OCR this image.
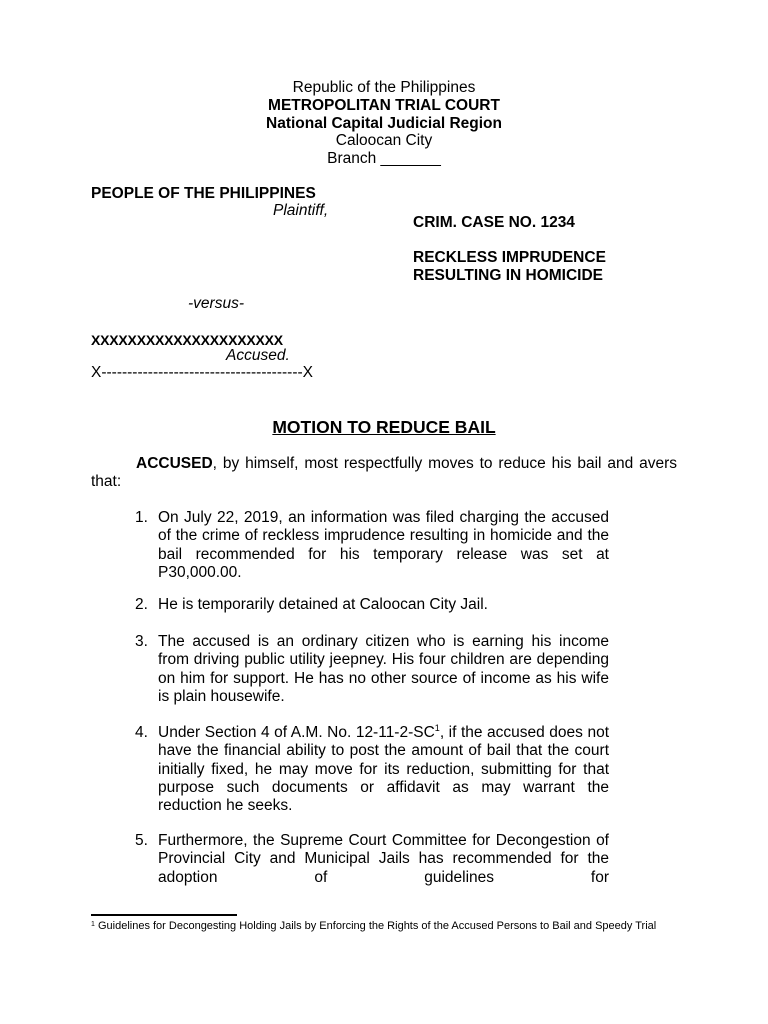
Republic of the Philippines
METROPOLITAN TRIAL COURT
National Capital Judicial Region
Caloocan City
Branch _______
PEOPLE OF THE PHILIPPINES
Plaintiff,
CRIM. CASE NO. 1234
RECKLESS IMPRUDENCE
RESULTING IN HOMICIDE
-versus-
XXXXXXXXXXXXXXXXXXXXX
Accused.
X---------------------------------------X
MOTION TO REDUCE BAIL
ACCUSED, by himself, most respectfully moves to reduce his bail and avers that:
1. On July 22, 2019, an information was filed charging the accused of the crime of reckless imprudence resulting in homicide and the bail recommended for his temporary release was set at P30,000.00.
2. He is temporarily detained at Caloocan City Jail.
3. The accused is an ordinary citizen who is earning his income from driving public utility jeepney. His four children are depending on him for support. He has no other source of income as his wife is plain housewife.
4. Under Section 4 of A.M. No. $12-11-2-SC^1$, if the accused does not have the financial ability to post the amount of bail that the court initially fixed, he may move for its reduction, submitting for that purpose such documents or affidavit as may warrant the reduction he seeks.
5. Furthermore, the Supreme Court Committee for Decongestion of Provincial City and Municipal Jails has recommended for the adoption of guidelines for
$^1$ Guidelines for Decongesting Holding Jails by Enforcing the Rights of the Accused Persons to Bail and Speedy Trial
